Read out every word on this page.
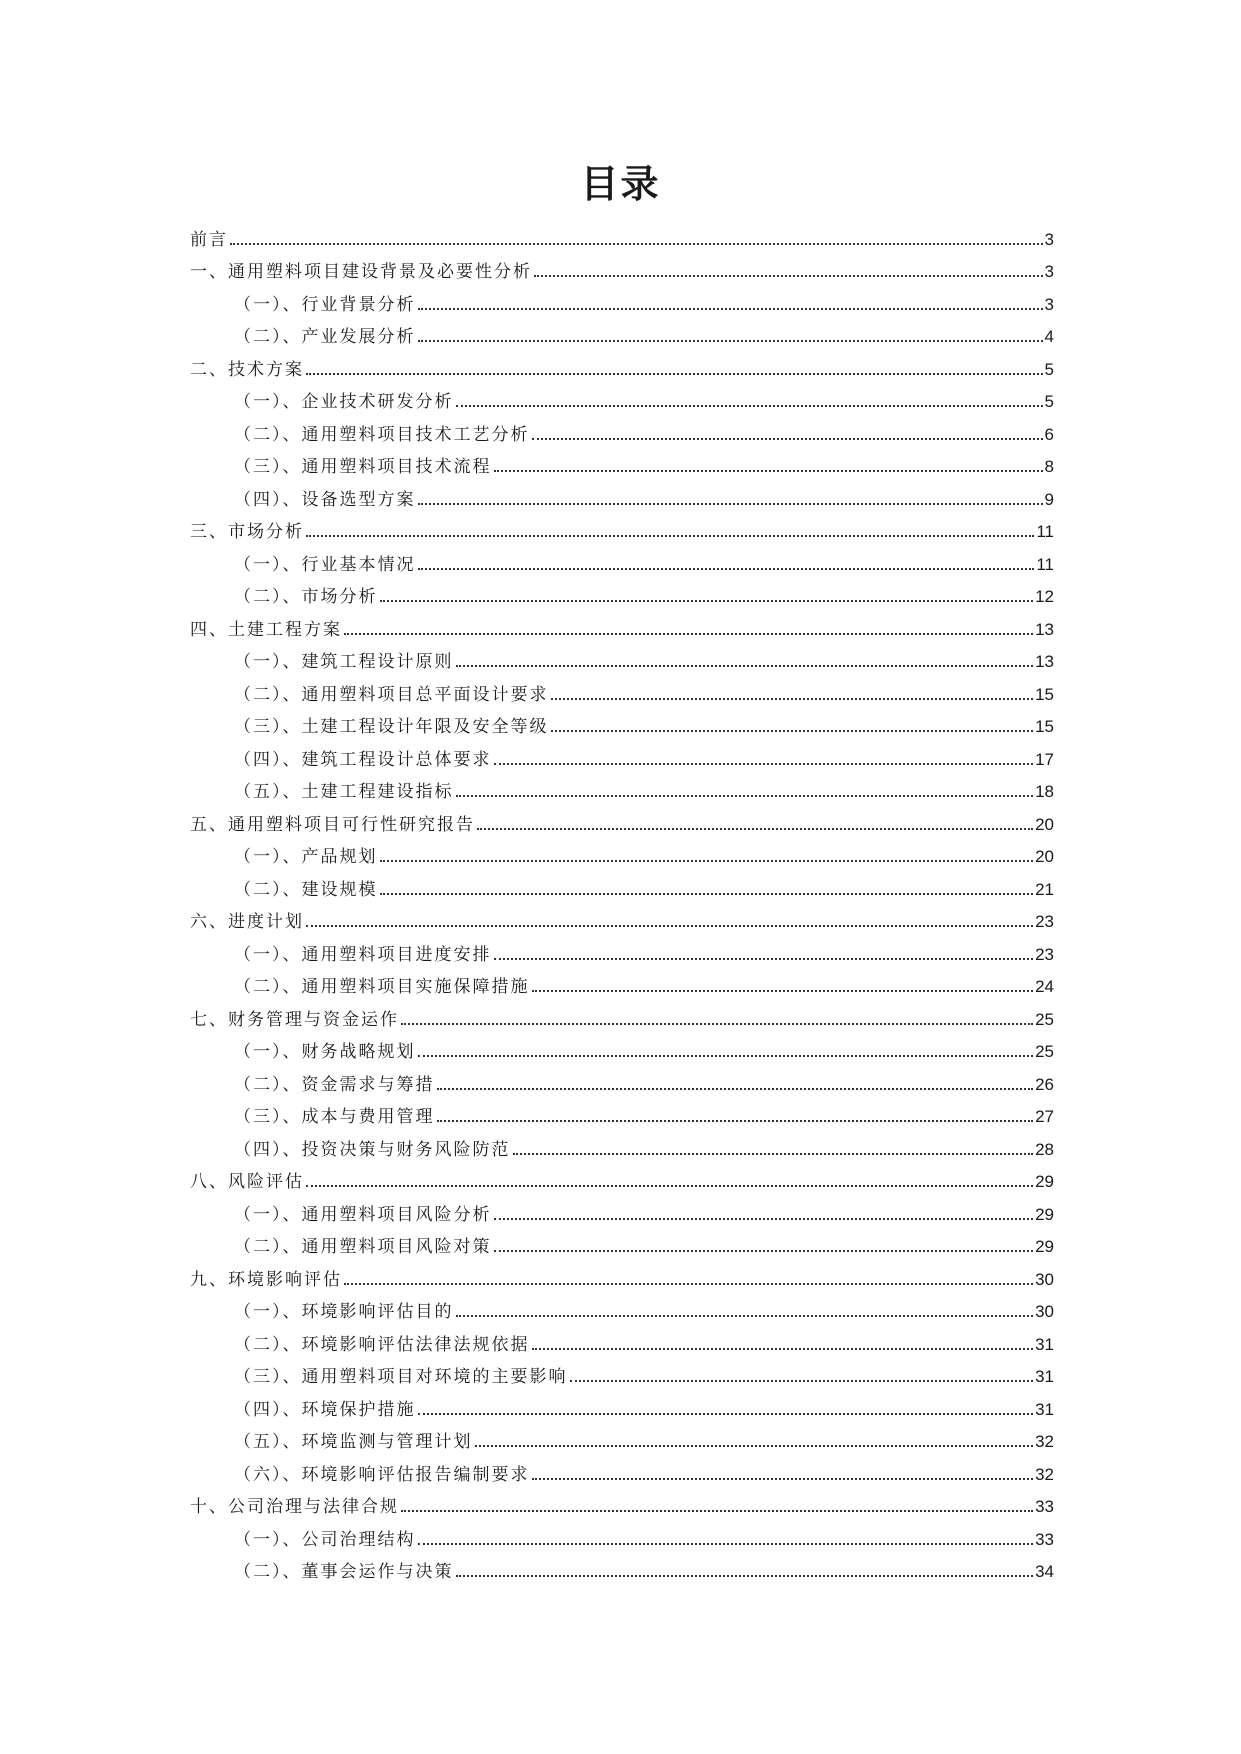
目录
前言	3
一、通用塑料项目建设背景及必要性分析	3
（一）、行业背景分析	3
（二）、产业发展分析	4
二、技术方案	5
（一）、企业技术研发分析	5
（二）、通用塑料项目技术工艺分析	6
（三）、通用塑料项目技术流程	8
（四）、设备选型方案	9
三、市场分析	11
（一）、行业基本情况	11
（二）、市场分析	12
四、土建工程方案	13
（一）、建筑工程设计原则	13
（二）、通用塑料项目总平面设计要求	15
（三）、土建工程设计年限及安全等级	15
（四）、建筑工程设计总体要求	17
（五）、土建工程建设指标	18
五、通用塑料项目可行性研究报告	20
（一）、产品规划	20
（二）、建设规模	21
六、进度计划	23
（一）、通用塑料项目进度安排	23
（二）、通用塑料项目实施保障措施	24
七、财务管理与资金运作	25
（一）、财务战略规划	25
（二）、资金需求与筹措	26
（三）、成本与费用管理	27
（四）、投资决策与财务风险防范	28
八、风险评估	29
（一）、通用塑料项目风险分析	29
（二）、通用塑料项目风险对策	29
九、环境影响评估	30
（一）、环境影响评估目的	30
（二）、环境影响评估法律法规依据	31
（三）、通用塑料项目对环境的主要影响	31
（四）、环境保护措施	31
（五）、环境监测与管理计划	32
（六）、环境影响评估报告编制要求	32
十、公司治理与法律合规	33
（一）、公司治理结构	33
（二）、董事会运作与决策	34
